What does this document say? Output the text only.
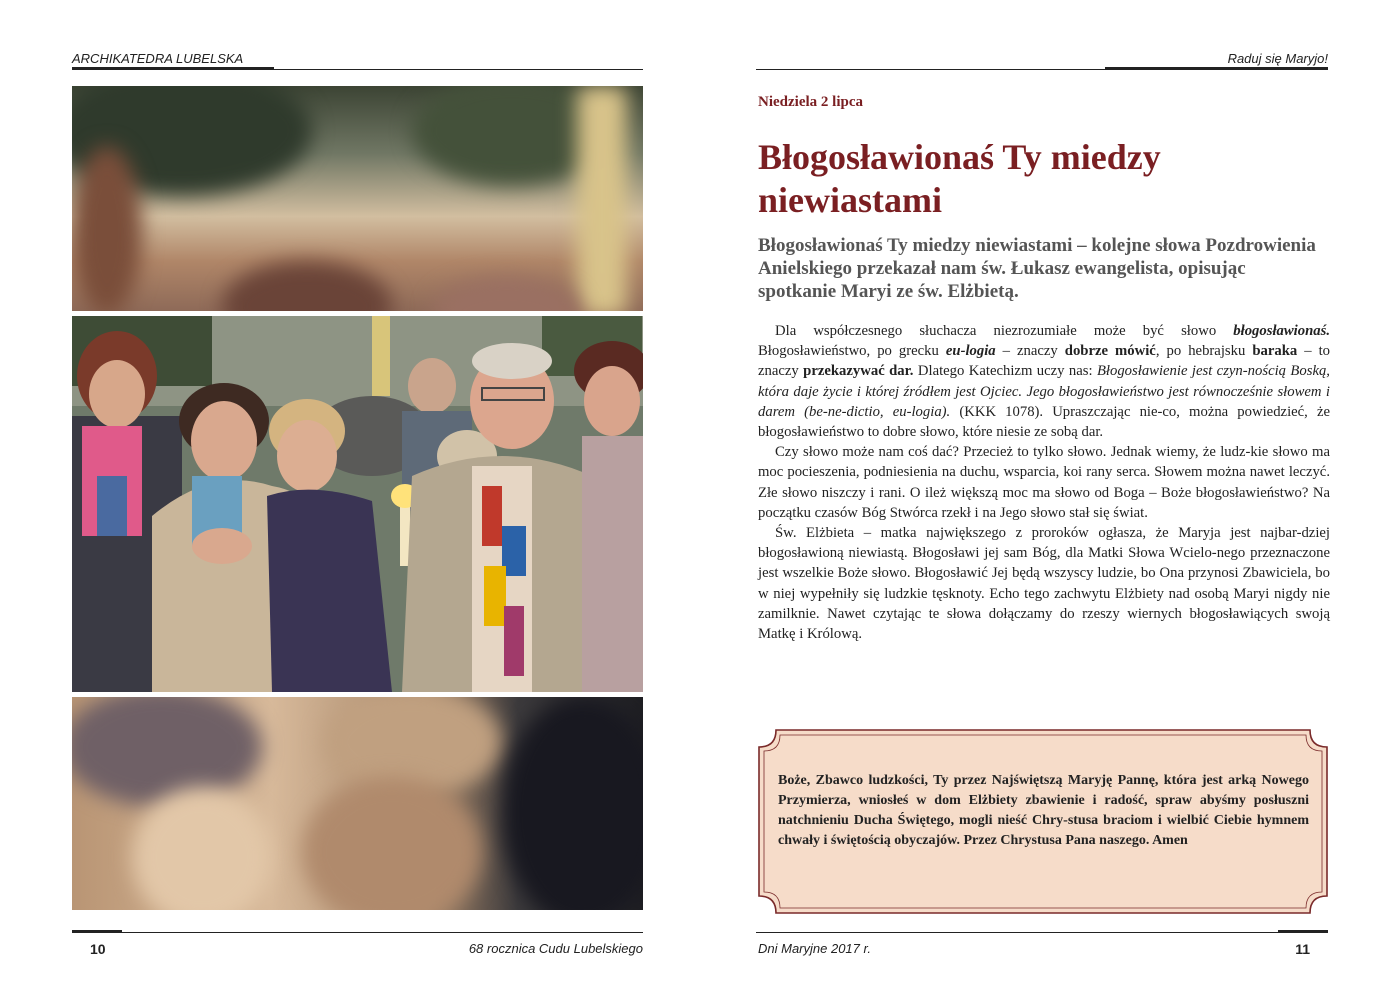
ARCHIKATEDRA LUBELSKA	Raduj się Maryjo!
Niedziela 2 lipca
Błogosławionaś Ty miedzy niewiastami

Błogosławionaś Ty miedzy niewiastami – kolejne słowa Pozdrowienia Anielskiego przekazał nam św. Łukasz ewangelista, opisując spotkanie Maryi ze św. Elżbietą.

Dla współczesnego słuchacza niezrozumiałe może być słowo błogosławionaś. Błogosławieństwo, po grecku eu-logia – znaczy dobrze mówić, po hebrajsku baraka – to znaczy przekazywać dar. Dlatego Katechizm uczy nas: Błogosławienie jest czyn-nością Boską, która daje życie i której źródłem jest Ojciec. Jego błogosławieństwo jest równocześnie słowem i darem (be-ne-dictio, eu-logia). (KKK 1078). Upraszczając nie-co, można powiedzieć, że błogosławieństwo to dobre słowo, które niesie ze sobą dar.

Czy słowo może nam coś dać? Przecież to tylko słowo. Jednak wiemy, że ludz-kie słowo ma moc pocieszenia, podniesienia na duchu, wsparcia, koi rany serca. Słowem można nawet leczyć. Złe słowo niszczy i rani. O ileż większą moc ma słowo od Boga – Boże błogosławieństwo? Na początku czasów Bóg Stwórca rzekł i na Jego słowo stał się świat.

Św. Elżbieta – matka największego z proroków ogłasza, że Maryja jest najbar-dziej błogosławioną niewiastą. Błogosławi jej sam Bóg, dla Matki Słowa Wcielo-nego przeznaczone jest wszelkie Boże słowo. Błogosławić Jej będą wszyscy ludzie, bo Ona przynosi Zbawiciela, bo w niej wypełniły się ludzkie tęsknoty. Echo tego zachwytu Elżbiety nad osobą Maryi nigdy nie zamilknie. Nawet czytając te słowa dołączamy do rzeszy wiernych błogosławiących swoją Matkę i Królową.

Boże, Zbawco ludzkości, Ty przez Najświętszą Maryję Pannę, która jest arką Nowego Przymierza, wniosłeś w dom Elżbiety zbawienie i radość, spraw abyśmy posłuszni natchnieniu Ducha Świętego, mogli nieść Chry-stusa braciom i wielbić Ciebie hymnem chwały i świętością obyczajów. Przez Chrystusa Pana naszego. Amen
10	68 rocznica Cudu Lubelskiego	Dni Maryjne 2017 r.	11
